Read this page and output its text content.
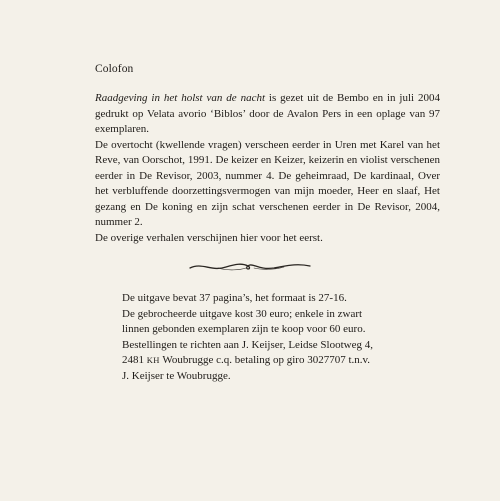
Colofon

Raadgeving in het holst van de nacht is gezet uit de Bembo en in juli 2004 gedrukt op Velata avorio ‘Biblos’ door de Avalon Pers in een oplage van 97 exemplaren.

De overtocht (kwellende vragen) verscheen eerder in Uren met Karel van het Reve, van Oorschot, 1991. De keizer en Keizer, keizerin en violist verschenen eerder in De Revisor, 2003, nummer 4. De geheimraad, De kardinaal, Over het verbluffende doorzettingsvermogen van mijn moeder, Heer en slaaf, Het gezang en De koning en zijn schat verschenen eerder in De Revisor, 2004, nummer 2.

De overige verhalen verschijnen hier voor het eerst.

De uitgave bevat 37 pagina’s, het formaat is 27-16.
De gebrocheerde uitgave kost 30 euro; enkele in zwart
linnen gebonden exemplaren zijn te koop voor 60 euro.
Bestellingen te richten aan J. Keijser, Leidse Slootweg 4,
2481 KH Woubrugge c.q. betaling op giro 3027707 t.n.v.
J. Keijser te Woubrugge.
